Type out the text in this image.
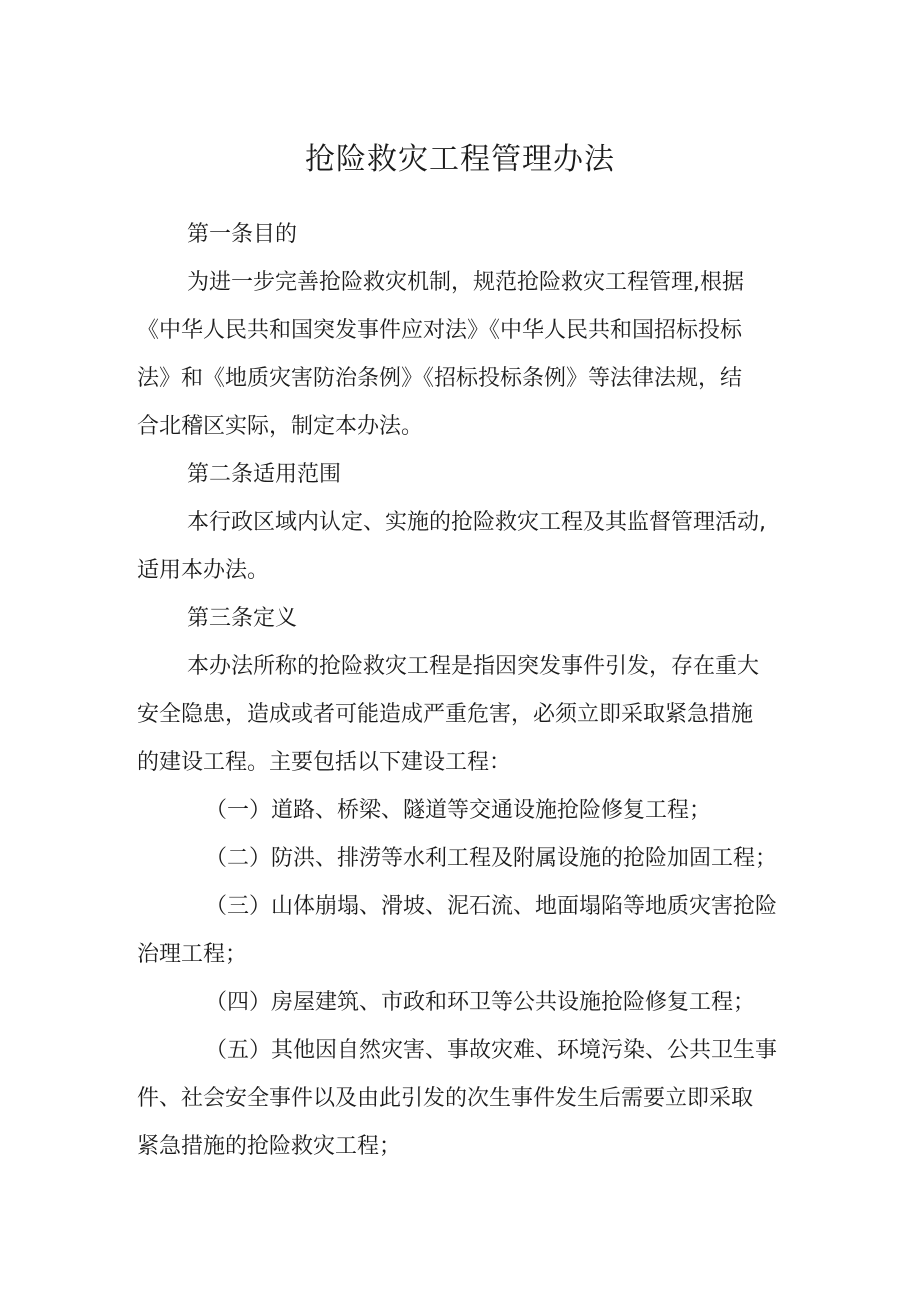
抢险救灾工程管理办法

第一条目的

为进一步完善抢险救灾机制，规范抢险救灾工程管理,根据

《中华人民共和国突发事件应对法》《中华人民共和国招标投标

法》和《地质灾害防治条例》《招标投标条例》等法律法规，结

合北稽区实际，制定本办法。

第二条适用范围

本行政区域内认定、实施的抢险救灾工程及其监督管理活动,

适用本办法。

第三条定义

本办法所称的抢险救灾工程是指因突发事件引发，存在重大

安全隐患，造成或者可能造成严重危害，必须立即采取紧急措施

的建设工程。主要包括以下建设工程：

（一）道路、桥梁、隧道等交通设施抢险修复工程；

（二）防洪、排涝等水利工程及附属设施的抢险加固工程；

（三）山体崩塌、滑坡、泥石流、地面塌陷等地质灾害抢险

治理工程；

（四）房屋建筑、市政和环卫等公共设施抢险修复工程；

（五）其他因自然灾害、事故灾难、环境污染、公共卫生事

件、社会安全事件以及由此引发的次生事件发生后需要立即采取

紧急措施的抢险救灾工程；
